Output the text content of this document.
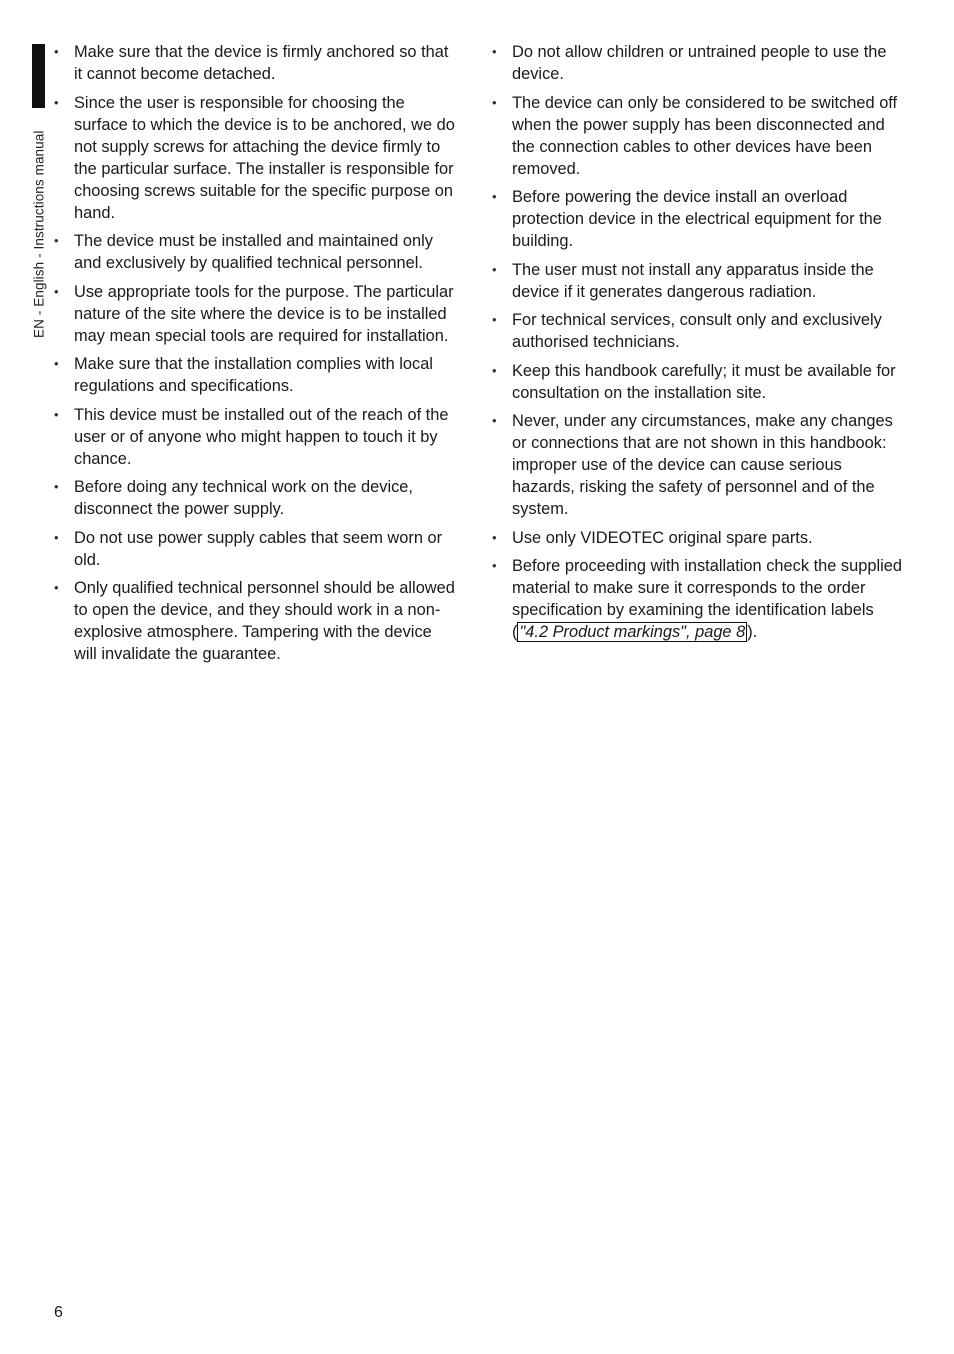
EN - English - Instructions manual
• Make sure that the device is firmly anchored so that it cannot become detached.
• Since the user is responsible for choosing the surface to which the device is to be anchored, we do not supply screws for attaching the device firmly to the particular surface. The installer is responsible for choosing screws suitable for the specific purpose on hand.
• The device must be installed and maintained only and exclusively by qualified technical personnel.
• Use appropriate tools for the purpose. The particular nature of the site where the device is to be installed may mean special tools are required for installation.
• Make sure that the installation complies with local regulations and specifications.
• This device must be installed out of the reach of the user or of anyone who might happen to touch it by chance.
• Before doing any technical work on the device, disconnect the power supply.
• Do not use power supply cables that seem worn or old.
• Only qualified technical personnel should be allowed to open the device, and they should work in a non-explosive atmosphere. Tampering with the device will invalidate the guarantee.
• Do not allow children or untrained people to use the device.
• The device can only be considered to be switched off when the power supply has been disconnected and the connection cables to other devices have been removed.
• Before powering the device install an overload protection device in the electrical equipment for the building.
• The user must not install any apparatus inside the device if it generates dangerous radiation.
• For technical services, consult only and exclusively authorised technicians.
• Keep this handbook carefully; it must be available for consultation on the installation site.
• Never, under any circumstances, make any changes or connections that are not shown in this handbook: improper use of the device can cause serious hazards, risking the safety of personnel and of the system.
• Use only VIDEOTEC original spare parts.
• Before proceeding with installation check the supplied material to make sure it corresponds to the order specification by examining the identification labels ( "4.2 Product markings", page 8 ).
6
